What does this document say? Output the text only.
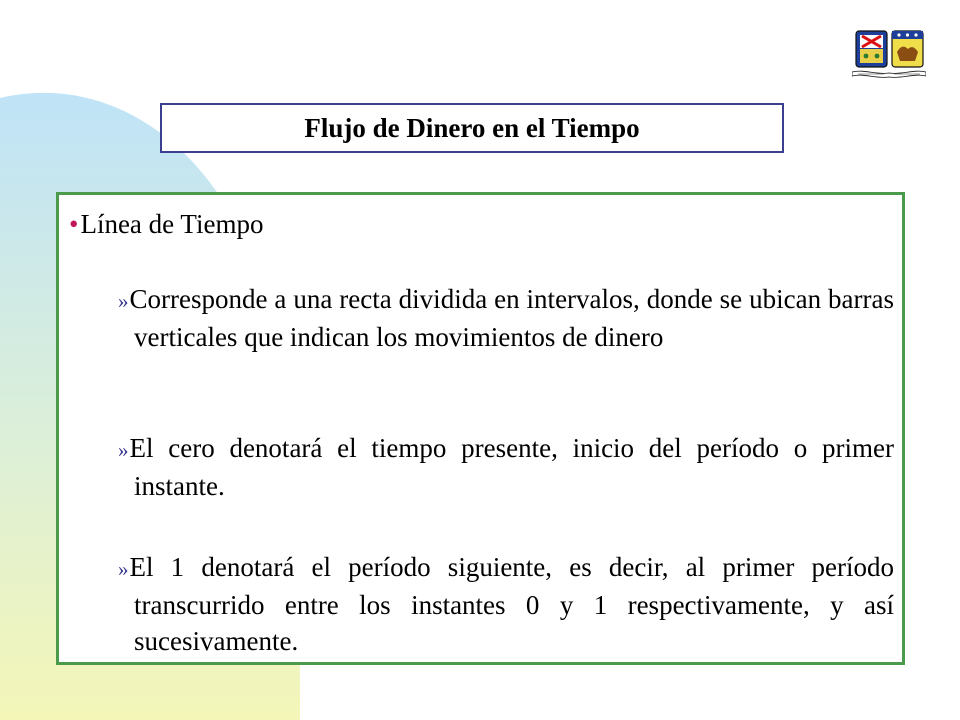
Flujo de Dinero en el Tiempo
•Línea de Tiempo
»Corresponde a una recta dividida en intervalos, donde se ubican barras verticales que indican los movimientos de dinero
»El cero denotará el tiempo presente, inicio del período o primer instante.
»El 1 denotará el período siguiente, es decir, al primer período transcurrido entre los instantes 0 y 1 respectivamente, y así sucesivamente.
